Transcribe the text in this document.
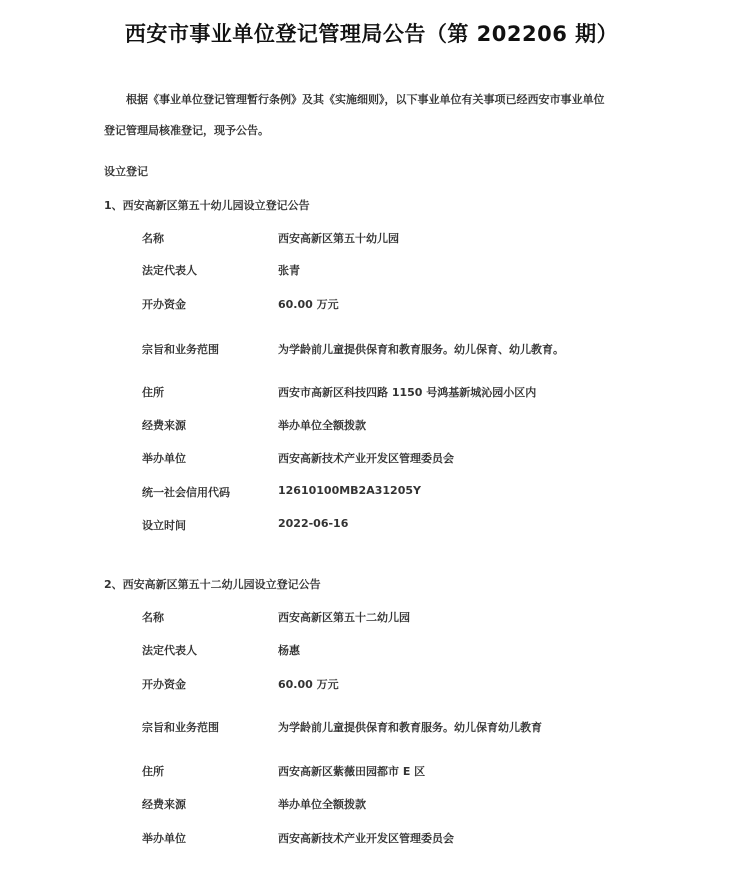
西安市事业单位登记管理局公告（第 202206 期）
根据《事业单位登记管理暂行条例》及其《实施细则》，以下事业单位有关事项已经西安市事业单位
登记管理局核准登记，现予公告。
设立登记
1、西安高新区第五十幼儿园设立登记公告
名称	西安高新区第五十幼儿园
法定代表人	张青
开办资金	60.00 万元
宗旨和业务范围	为学龄前儿童提供保育和教育服务。幼儿保育、幼儿教育。
住所	西安市高新区科技四路 1150 号鸿基新城沁园小区内
经费来源	举办单位全额拨款
举办单位	西安高新技术产业开发区管理委员会
统一社会信用代码	12610100MB2A31205Y
设立时间	2022-06-16
2、西安高新区第五十二幼儿园设立登记公告
名称	西安高新区第五十二幼儿园
法定代表人	杨惠
开办资金	60.00 万元
宗旨和业务范围	为学龄前儿童提供保育和教育服务。幼儿保育幼儿教育
住所	西安高新区紫薇田园都市 E 区
经费来源	举办单位全额拨款
举办单位	西安高新技术产业开发区管理委员会
